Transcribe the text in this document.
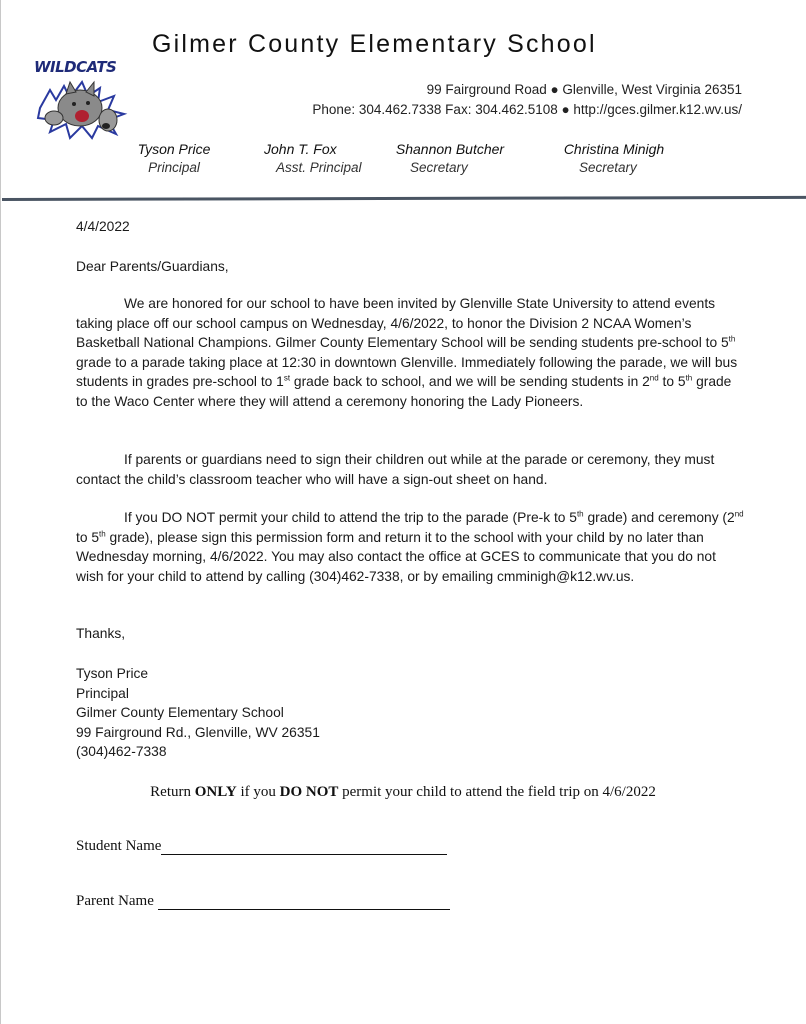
WILDCATS
Gilmer County Elementary School
99 Fairground Road ● Glenville, West Virginia 26351
Phone: 304.462.7338 Fax: 304.462.5108 ● http://gces.gilmer.k12.wv.us/
Tyson Price
Principal
John T. Fox
Asst. Principal
Shannon Butcher
Secretary
Christina Minigh
Secretary
4/4/2022
Dear Parents/Guardians,

We are honored for our school to have been invited by Glenville State University to attend events taking place off our school campus on Wednesday, 4/6/2022, to honor the Division 2 NCAA Women’s Basketball National Champions. Gilmer County Elementary School will be sending students pre-school to 5th grade to a parade taking place at 12:30 in downtown Glenville. Immediately following the parade, we will bus students in grades pre-school to 1st grade back to school, and we will be sending students in 2nd to 5th grade to the Waco Center where they will attend a ceremony honoring the Lady Pioneers.

If parents or guardians need to sign their children out while at the parade or ceremony, they must contact the child’s classroom teacher who will have a sign-out sheet on hand.

If you DO NOT permit your child to attend the trip to the parade (Pre-k to 5th grade) and ceremony (2nd to 5th grade), please sign this permission form and return it to the school with your child by no later than Wednesday morning, 4/6/2022. You may also contact the office at GCES to communicate that you do not wish for your child to attend by calling (304)462-7338, or by emailing cmminigh@k12.wv.us.

Thanks,
Tyson Price
Principal
Gilmer County Elementary School
99 Fairground Rd., Glenville, WV 26351
(304)462-7338
Return ONLY if you DO NOT permit your child to attend the field trip on 4/6/2022
Student Name
Parent Name
